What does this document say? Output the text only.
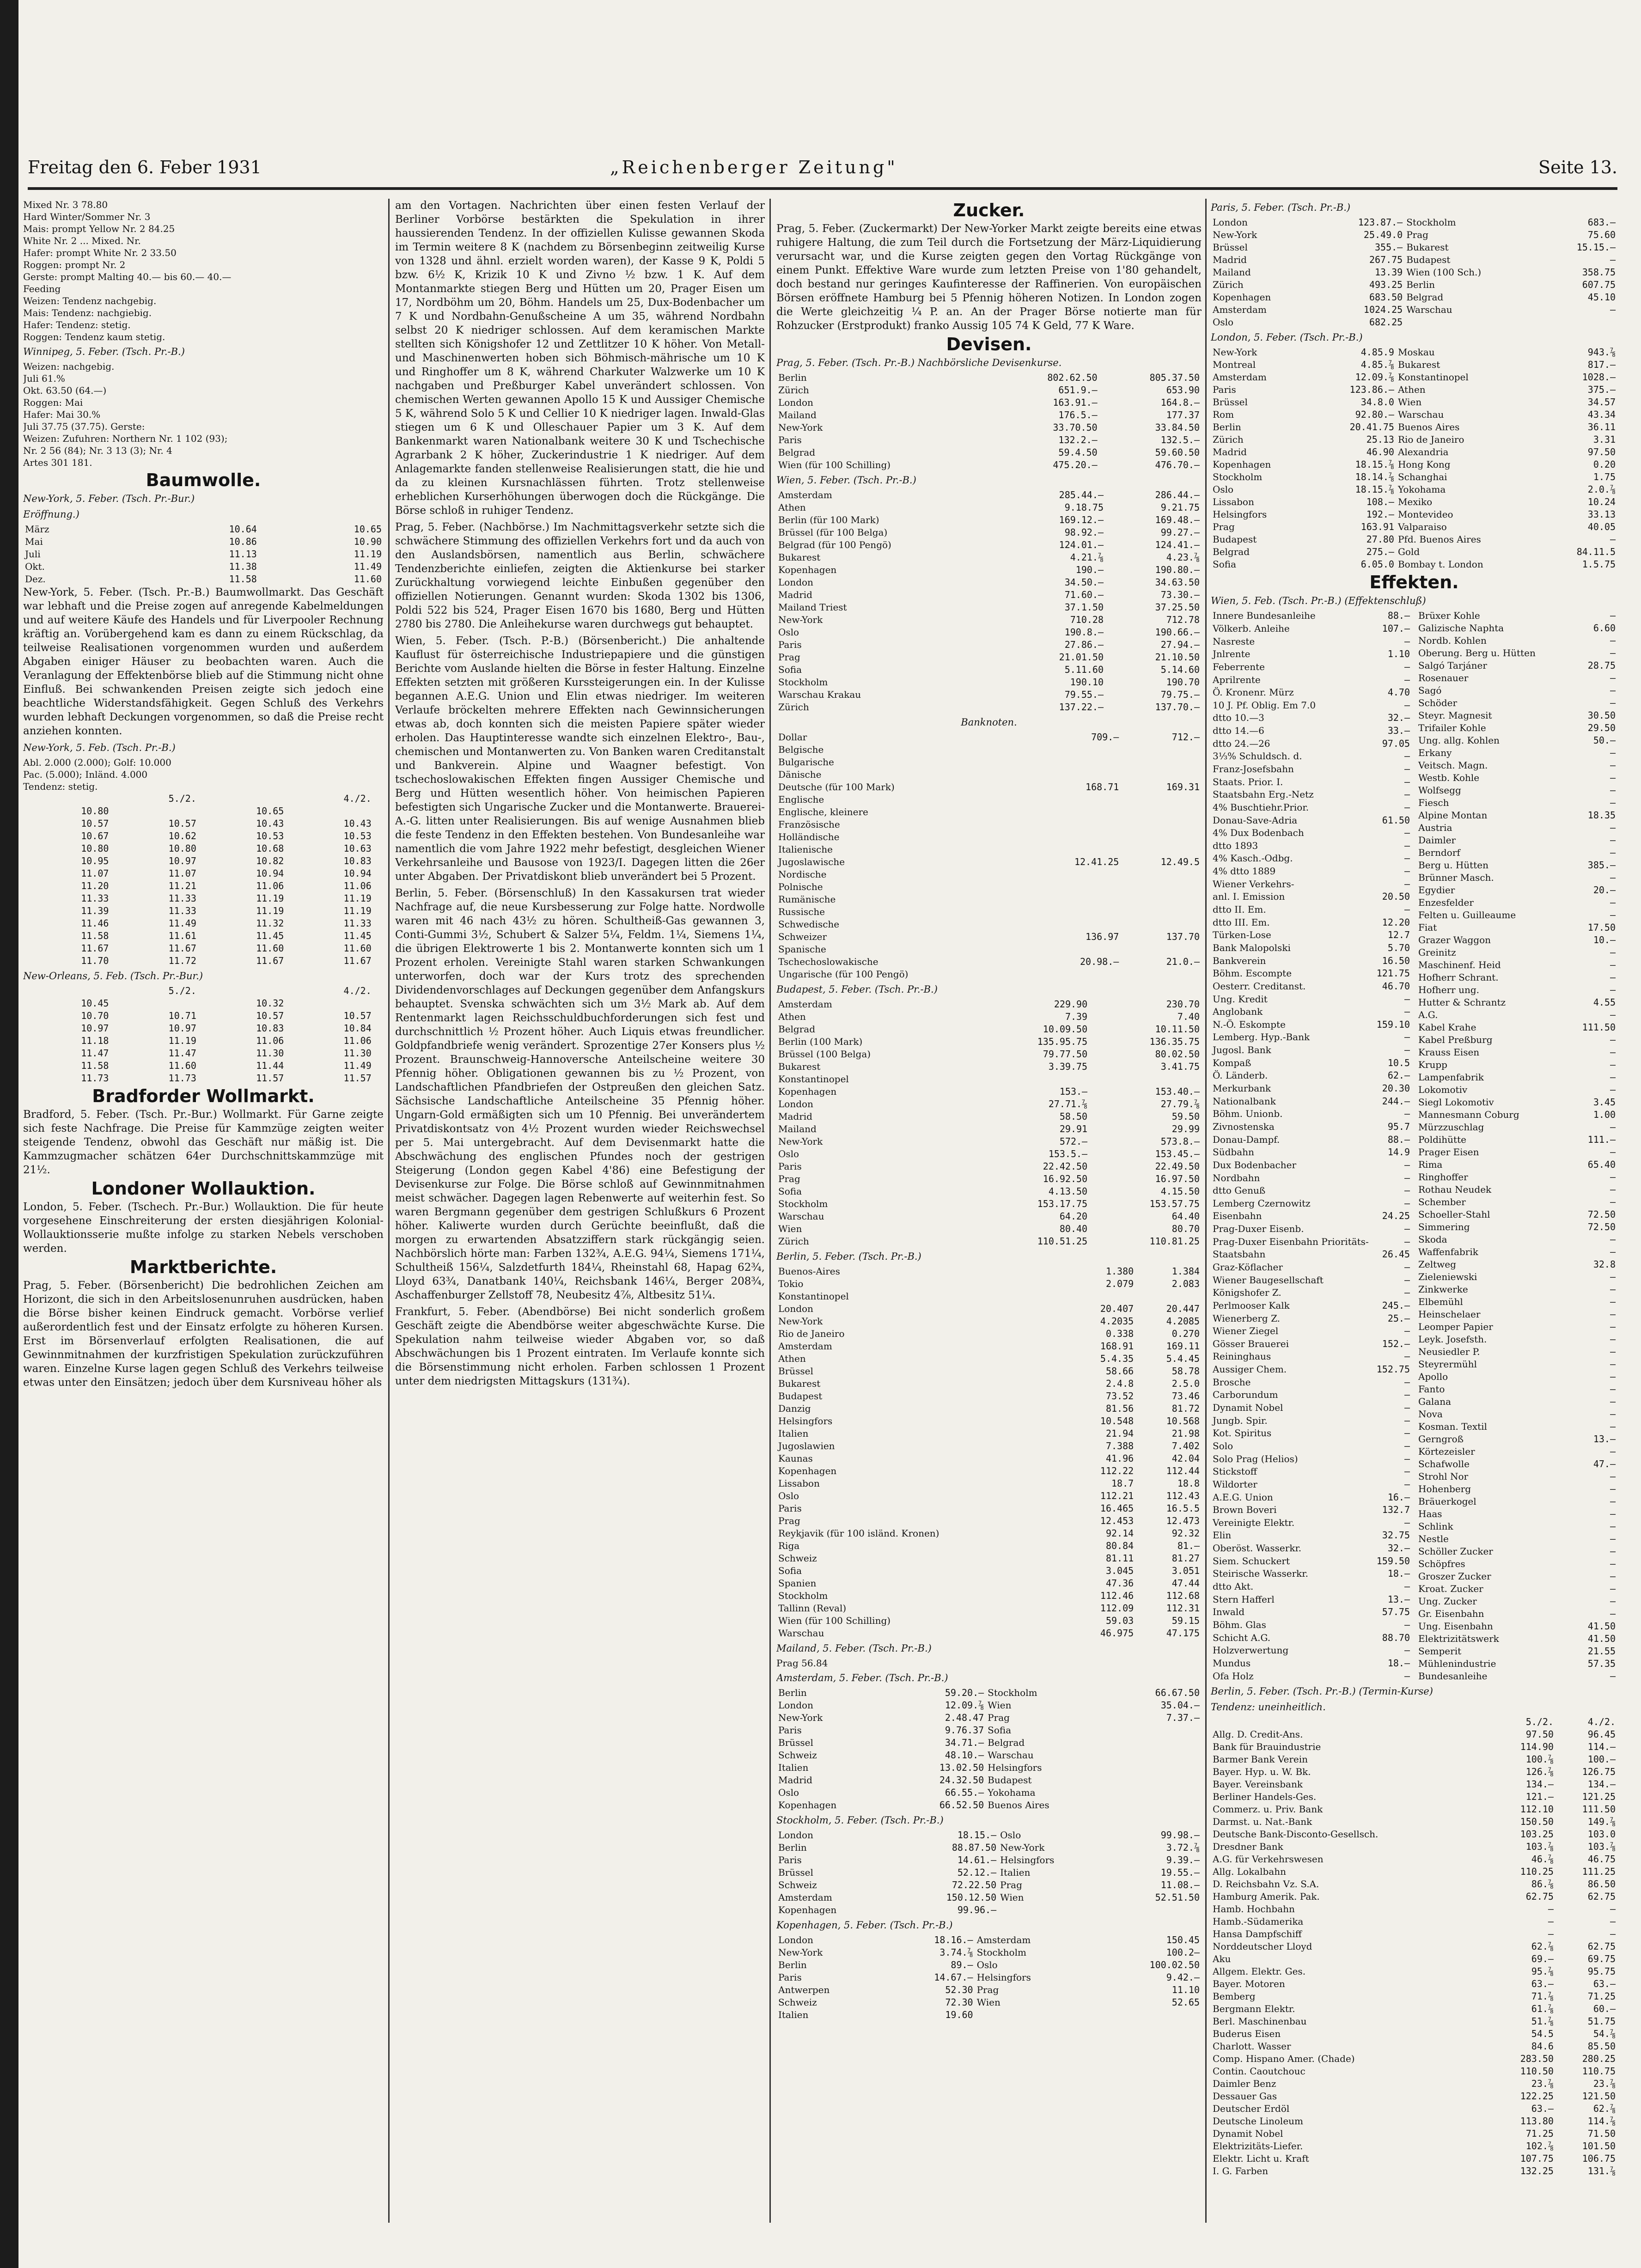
Freitag den 6. Feber 1931	„Reichenberger Zeitung"	Seite 13.
Mixed Nr. 3 78.80
Hard Winter/Sommer Nr. 3
Mais: prompt Yellow Nr. 2 84.25
White Nr. 2 ... Mixed. Nr.
Hafer: prompt White Nr. 2 33.50
Roggen: prompt Nr. 2
Gerste: prompt Malting 40.— bis 60.— 40.—
Feeding
Weizen: Tendenz nachgebig.
Mais: Tendenz: nachgiebig.
Hafer: Tendenz: stetig.
Roggen: Tendenz kaum stetig.
Winnipeg, 5. Feber. (Tsch. Pr.-B.)
Weizen: nachgebig.
Juli 61.%
Okt. 63.50 (64.—)
Roggen: Mai
Hafer: Mai 30.%
Juli 37.75 (37.75). Gerste:
Weizen: Zufuhren: Northern Nr. 1 102 (93);
Nr. 2 56 (84); Nr. 3 13 (3); Nr. 4
Artes 301 181.
Baumwolle.
New-York, 5. Feber. (Tsch. Pr.-Bur.)
Eröffnung.)
März	10.64	10.65
Mai	10.86	10.90
Juli	11.13	11.19
Okt.	11.38	11.49
Dez.	11.58	11.60

New-York, 5. Feber. (Tsch. Pr.-B.) Baumwollmarkt. Das Geschäft war lebhaft und die Preise zogen auf anregende Kabelmeldungen und auf weitere Käufe des Handels und für Liverpooler Rechnung kräftig an. Vorübergehend kam es dann zu einem Rückschlag, da teilweise Realisationen vorgenommen wurden und außerdem Abgaben einiger Häuser zu beobachten waren. Auch die Veranlagung der Effektenbörse blieb auf die Stimmung nicht ohne Einfluß. Bei schwankenden Preisen zeigte sich jedoch eine beachtliche Widerstandsfähigkeit. Gegen Schluß des Verkehrs wurden lebhaft Deckungen vorgenommen, so daß die Preise recht anziehen konnten.

New-York, 5. Feb. (Tsch. Pr.-B.)
Abl. 2.000 (2.000); Golf: 10.000
Pac. (5.000); Inländ. 4.000
Tendenz: stetig.
	5./2.		4./2.	
10.80		10.65		
10.57	10.57	10.43	10.43	
10.67	10.62	10.53	10.53	
10.80	10.80	10.68	10.63	
10.95	10.97	10.82	10.83	
11.07	11.07	10.94	10.94	
11.20	11.21	11.06	11.06	
11.33	11.33	11.19	11.19	
11.39	11.33	11.19	11.19	
11.46	11.49	11.32	11.33	
11.58	11.61	11.45	11.45	
11.67	11.67	11.60	11.60	
11.70	11.72	11.67	11.67	
New-Orleans, 5. Feb. (Tsch. Pr.-Bur.)
	5./2.		4./2.	
10.45		10.32		
10.70	10.71	10.57	10.57	
10.97	10.97	10.83	10.84	
11.18	11.19	11.06	11.06	
11.47	11.47	11.30	11.30	
11.58	11.60	11.44	11.49	
11.73	11.73	11.57	11.57	
Bradforder Wollmarkt.

Bradford, 5. Feber. (Tsch. Pr.-Bur.) Wollmarkt. Für Garne zeigte sich feste Nachfrage. Die Preise für Kammzüge zeigten weiter steigende Tendenz, obwohl das Geschäft nur mäßig ist. Die Kammzugmacher schätzen 64er Durchschnittskammzüge mit 21½.

Londoner Wollauktion.

London, 5. Feber. (Tschech. Pr.-Bur.) Wollauktion. Die für heute vorgesehene Einschreiterung der ersten diesjährigen Kolonial-Wollauktionsserie mußte infolge zu starken Nebels verschoben werden.

Marktberichte.

Prag, 5. Feber. (Börsenbericht) Die bedrohlichen Zeichen am Horizont, die sich in den Arbeitslosenunruhen ausdrücken, haben die Börse bisher keinen Eindruck gemacht. Vorbörse verlief außerordentlich fest und der Einsatz erfolgte zu höheren Kursen. Erst im Börsenverlauf erfolgten Realisationen, die auf Gewinnmitnahmen der kurzfristigen Spekulation zurückzuführen waren. Einzelne Kurse lagen gegen Schluß des Verkehrs teilweise etwas unter den Einsätzen; jedoch über dem Kursniveau höher als

am den Vortagen. Nachrichten über einen festen Verlauf der Berliner Vorbörse bestärkten die Spekulation in ihrer haussierenden Tendenz. In der offiziellen Kulisse gewannen Skoda im Termin weitere 8 K (nachdem zu Börsenbeginn zeitweilig Kurse von 1328 und ähnl. erzielt worden waren), der Kasse 9 K, Poldi 5 bzw. 6½ K, Krizik 10 K und Zivno ½ bzw. 1 K. Auf dem Montanmarkte stiegen Berg und Hütten um 20, Prager Eisen um 17, Nordböhm um 20, Böhm. Handels um 25, Dux-Bodenbacher um 7 K und Nordbahn-Genußscheine A um 35, während Nordbahn selbst 20 K niedriger schlossen. Auf dem keramischen Markte stellten sich Königshofer 12 und Zettlitzer 10 K höher. Von Metall- und Maschinenwerten hoben sich Böhmisch-mährische um 10 K und Ringhoffer um 8 K, während Charkuter Walzwerke um 10 K nachgaben und Preßburger Kabel unverändert schlossen. Von chemischen Werten gewannen Apollo 15 K und Aussiger Chemische 5 K, während Solo 5 K und Cellier 10 K niedriger lagen. Inwald-Glas stiegen um 6 K und Olleschauer Papier um 3 K. Auf dem Bankenmarkt waren Nationalbank weitere 30 K und Tschechische Agrarbank 2 K höher, Zuckerindustrie 1 K niedriger. Auf dem Anlagemarkte fanden stellenweise Realisierungen statt, die hie und da zu kleinen Kursnachlässen führten. Trotz stellenweise erheblichen Kurserhöhungen überwogen doch die Rückgänge. Die Börse schloß in ruhiger Tendenz.

Prag, 5. Feber. (Nachbörse.) Im Nachmittagsverkehr setzte sich die schwächere Stimmung des offiziellen Verkehrs fort und da auch von den Auslandsbörsen, namentlich aus Berlin, schwächere Tendenzberichte einliefen, zeigten die Aktienkurse bei starker Zurückhaltung vorwiegend leichte Einbußen gegenüber den offiziellen Notierungen. Genannt wurden: Skoda 1302 bis 1306, Poldi 522 bis 524, Prager Eisen 1670 bis 1680, Berg und Hütten 2780 bis 2780. Die Anleihekurse waren durchwegs gut behauptet.

Wien, 5. Feber. (Tsch. P.-B.) (Börsenbericht.) Die anhaltende Kauflust für österreichische Industriepapiere und die günstigen Berichte vom Auslande hielten die Börse in fester Haltung. Einzelne Effekten setzten mit größeren Kurssteigerungen ein. In der Kulisse begannen A.E.G. Union und Elin etwas niedriger. Im weiteren Verlaufe bröckelten mehrere Effekten nach Gewinnsicherungen etwas ab, doch konnten sich die meisten Papiere später wieder erholen. Das Hauptinteresse wandte sich einzelnen Elektro-, Bau-, chemischen und Montanwerten zu. Von Banken waren Creditanstalt und Bankverein. Alpine und Waagner befestigt. Von tschechoslowakischen Effekten fingen Aussiger Chemische und Berg und Hütten wesentlich höher. Von heimischen Papieren befestigten sich Ungarische Zucker und die Montanwerte. Brauerei-A.-G. litten unter Realisierungen. Bis auf wenige Ausnahmen blieb die feste Tendenz in den Effekten bestehen. Von Bundesanleihe war namentlich die vom Jahre 1922 mehr befestigt, desgleichen Wiener Verkehrsanleihe und Bausose von 1923/I. Dagegen litten die 26er unter Abgaben. Der Privatdiskont blieb unverändert bei 5 Prozent.

Berlin, 5. Feber. (Börsenschluß) In den Kassakursen trat wieder Nachfrage auf, die neue Kursbesserung zur Folge hatte. Nordwolle waren mit 46 nach 43½ zu hören. Schultheiß-Gas gewannen 3, Conti-Gummi 3½, Schubert & Salzer 5¼, Feldm. 1¼, Siemens 1¼, die übrigen Elektrowerte 1 bis 2. Montanwerte konnten sich um 1 Prozent erholen. Vereinigte Stahl waren starken Schwankungen unterworfen, doch war der Kurs trotz des sprechenden Dividendenvorschlages auf Deckungen gegenüber dem Anfangskurs behauptet. Svenska schwächten sich um 3½ Mark ab. Auf dem Rentenmarkt lagen Reichsschuldbuchforderungen sich fest und durchschnittlich ½ Prozent höher. Auch Liquis etwas freundlicher. Goldpfandbriefe wenig verändert. Sprozentige 27er Konsers plus ½ Prozent. Braunschweig-Hannoversche Anteilscheine weitere 30 Pfennig höher. Obligationen gewannen bis zu ½ Prozent, von Landschaftlichen Pfandbriefen der Ostpreußen den gleichen Satz. Sächsische Landschaftliche Anteilscheine 35 Pfennig höher. Ungarn-Gold ermäßigten sich um 10 Pfennig. Bei unverändertem Privatdiskontsatz von 4½ Prozent wurden wieder Reichswechsel per 5. Mai untergebracht. Auf dem Devisenmarkt hatte die Abschwächung des englischen Pfundes noch der gestrigen Steigerung (London gegen Kabel 4'86) eine Befestigung der Devisenkurse zur Folge. Die Börse schloß auf Gewinnmitnahmen meist schwächer. Dagegen lagen Rebenwerte auf weiterhin fest. So waren Bergmann gegenüber dem gestrigen Schlußkurs 6 Prozent höher. Kaliwerte wurden durch Gerüchte beeinflußt, daß die morgen zu erwartenden Absatzziffern stark rückgängig seien. Nachbörslich hörte man: Farben 132¾, A.E.G. 94¼, Siemens 171¼, Schultheiß 156¼, Salzdetfurth 184¼, Rheinstahl 68, Hapag 62¾, Lloyd 63¾, Danatbank 140¼, Reichsbank 146¼, Berger 208¾, Aschaffenburger Zellstoff 78, Neubesitz 4⅞, Altbesitz 51¼.

Frankfurt, 5. Feber. (Abendbörse) Bei nicht sonderlich großem Geschäft zeigte die Abendbörse weiter abgeschwächte Kurse. Die Spekulation nahm teilweise wieder Abgaben vor, so daß Abschwächungen bis 1 Prozent eintraten. Im Verlaufe konnte sich die Börsenstimmung nicht erholen. Farben schlossen 1 Prozent unter dem niedrigsten Mittagskurs (131¾).

Zucker.

Prag, 5. Feber. (Zuckermarkt) Der New-Yorker Markt zeigte bereits eine etwas ruhigere Haltung, die zum Teil durch die Fortsetzung der März-Liquidierung verursacht war, und die Kurse zeigten gegen den Vortag Rückgänge von einem Punkt. Effektive Ware wurde zum letzten Preise von 1'80 gehandelt, doch bestand nur geringes Kaufinteresse der Raffinerien. Von europäischen Börsen eröffnete Hamburg bei 5 Pfennig höheren Notizen. In London zogen die Werte gleichzeitig ¼ P. an. An der Prager Börse notierte man für Rohzucker (Erstprodukt) franko Aussig 105 74 K Geld, 77 K Ware.

Devisen.
Prag, 5. Feber. (Tsch. Pr.-B.) Nachbörsliche Devisenkurse.
Berlin	802.62.50	805.37.50
Zürich	651.9.—	653.90
London	163.91.—	164.8.—
Mailand	176.5.—	177.37
New-York	33.70.50	33.84.50
Paris	132.2.—	132.5.—
Belgrad	59.4.50	59.60.50
Wien (für 100 Schilling)	475.20.—	476.70.—
Wien, 5. Feber. (Tsch. Pr.-B.)
Amsterdam	285.44.—	286.44.—
Athen	9.18.75	9.21.75
Berlin (für 100 Mark)	169.12.—	169.48.—
Brüssel (für 100 Belga)	98.92.—	99.27.—
Belgrad (für 100 Pengö)	124.01.—	124.41.—
Bukarest	4.21.⅞	4.23.⅞
Kopenhagen	190.—	190.80.—
London	34.50.—	34.63.50
Madrid	71.60.—	73.30.—
Mailand Triest	37.1.50	37.25.50
New-York	710.28	712.78
Oslo	190.8.—	190.66.—
Paris	27.86.—	27.94.—
Prag	21.01.50	21.10.50
Sofia	5.11.60	5.14.60
Stockholm	190.10	190.70
Warschau Krakau	79.55.—	79.75.—
Zürich	137.22.—	137.70.—
Banknoten.
Dollar	709.—	712.—
Belgische		
Bulgarische		
Dänische		
Deutsche (für 100 Mark)	168.71	169.31
Englische		
Englische, kleinere		
Französische		
Holländische		
Italienische		
Jugoslawische	12.41.25	12.49.5
Nordische		
Polnische		
Rumänische		
Russische		
Schwedische		
Schweizer	136.97	137.70
Spanische		
Tschechoslowakische	20.98.—	21.0.—
Ungarische (für 100 Pengö)		
Budapest, 5. Feber. (Tsch. Pr.-B.)
Amsterdam	229.90	230.70
Athen	7.39	7.40
Belgrad	10.09.50	10.11.50
Berlin (100 Mark)	135.95.75	136.35.75
Brüssel (100 Belga)	79.77.50	80.02.50
Bukarest	3.39.75	3.41.75
Konstantinopel		
Kopenhagen	153.—	153.40.—
London	27.71.⅞	27.79.⅞
Madrid	58.50	59.50
Mailand	29.91	29.99
New-York	572.—	573.8.—
Oslo	153.5.—	153.45.—
Paris	22.42.50	22.49.50
Prag	16.92.50	16.97.50
Sofia	4.13.50	4.15.50
Stockholm	153.17.75	153.57.75
Warschau	64.20	64.40
Wien	80.40	80.70
Zürich	110.51.25	110.81.25
Berlin, 5. Feber. (Tsch. Pr.-B.)
Buenos-Aires	1.380	1.384
Tokio	2.079	2.083
Konstantinopel		
London	20.407	20.447
New-York	4.2035	4.2085
Rio de Janeiro	0.338	0.270
Amsterdam	168.91	169.11
Athen	5.4.35	5.4.45
Brüssel	58.66	58.78
Bukarest	2.4.8	2.5.0
Budapest	73.52	73.46
Danzig	81.56	81.72
Helsingfors	10.548	10.568
Italien	21.94	21.98
Jugoslawien	7.388	7.402
Kaunas	41.96	42.04
Kopenhagen	112.22	112.44
Lissabon	18.7	18.8
Oslo	112.21	112.43
Paris	16.465	16.5.5
Prag	12.453	12.473
Reykjavik (für 100 isländ. Kronen)	92.14	92.32
Riga	80.84	81.—
Schweiz	81.11	81.27
Sofia	3.045	3.051
Spanien	47.36	47.44
Stockholm	112.46	112.68
Tallinn (Reval)	112.09	112.31
Wien (für 100 Schilling)	59.03	59.15
Warschau	46.975	47.175
Mailand, 5. Feber. (Tsch. Pr.-B.)
Prag 56.84
Amsterdam, 5. Feber. (Tsch. Pr.-B.)
Berlin	59.20.—	Stockholm	66.67.50
London	12.09.⅞	Wien	35.04.—
New-York	2.48.47	Prag	7.37.—
Paris	9.76.37	Sofia	
Brüssel	34.71.—	Belgrad	
Schweiz	48.10.—	Warschau	
Italien	13.02.50	Helsingfors	
Madrid	24.32.50	Budapest	
Oslo	66.55.—	Yokohama	
Kopenhagen	66.52.50	Buenos Aires	
Stockholm, 5. Feber. (Tsch. Pr.-B.)
London	18.15.—	Oslo	99.98.—
Berlin	88.87.50	New-York	3.72.⅞
Paris	14.61.—	Helsingfors	9.39.—
Brüssel	52.12.—	Italien	19.55.—
Schweiz	72.22.50	Prag	11.08.—
Amsterdam	150.12.50	Wien	52.51.50
Kopenhagen	99.96.—		
Kopenhagen, 5. Feber. (Tsch. Pr.-B.)
London	18.16.—	Amsterdam	150.45
New-York	3.74.⅞	Stockholm	100.2—
Berlin	89.—	Oslo	100.02.50
Paris	14.67.—	Helsingfors	9.42.—
Antwerpen	52.30	Prag	11.10
Schweiz	72.30	Wien	52.65
Italien	19.60		
Paris, 5. Feber. (Tsch. Pr.-B.)
London	123.87.—	Stockholm	683.—
New-York	25.49.0	Prag	75.60
Brüssel	355.—	Bukarest	15.15.—
Madrid	267.75	Budapest	—
Mailand	13.39	Wien (100 Sch.)	358.75
Zürich	493.25	Berlin	607.75
Kopenhagen	683.50	Belgrad	45.10
Amsterdam	1024.25	Warschau	—
Oslo	682.25		
London, 5. Feber. (Tsch. Pr.-B.)
New-York	4.85.9	Moskau	943.⅞
Montreal	4.85.⅞	Bukarest	817.—
Amsterdam	12.09.⅞	Konstantinopel	1028.—
Paris	123.86.—	Athen	375.—
Brüssel	34.8.0	Wien	34.57
Rom	92.80.—	Warschau	43.34
Berlin	20.41.75	Buenos Aires	36.11
Zürich	25.13	Rio de Janeiro	3.31
Madrid	46.90	Alexandria	97.50
Kopenhagen	18.15.⅞	Hong Kong	0.20
Stockholm	18.14.⅞	Schanghai	1.75
Oslo	18.15.⅞	Yokohama	2.0.⅞
Lissabon	108.—	Mexiko	10.24
Helsingfors	192.—	Montevideo	33.13
Prag	163.91	Valparaiso	40.05
Budapest	27.80	Pfd. Buenos Aires	—
Belgrad	275.—	Gold	84.11.5
Sofia	6.05.0	Bombay t. London	1.5.75
Effekten.
Wien, 5. Feb. (Tsch. Pr.-B.) (Effektenschluß)
Innere Bundesanleihe	88.—
Völkerb. Anleihe	107.—
Nasreste	—
Jnlrente	1.10
Feberrente	—
Aprilrente	—
Ö. Kronenr. Mürz	4.70
10 J. Pf. Oblig. Em 7.0	—
dtto 10.—3	32.—
dtto 14.—6	33.—
dtto 24.—26	97.05
3⅓% Schuldsch. d.	—
Franz-Josefsbahn	—
Staats. Prior. I.	—
Staatsbahn Erg.-Netz	—
4% Buschtiehr.Prior.	—
Donau-Save-Adria	61.50
4% Dux Bodenbach	—
dtto 1893	—
4% Kasch.-Odbg.	—
4% dtto 1889	—
Wiener Verkehrs-	—
anl. I. Emission	20.50
dtto II. Em.	—
dtto III. Em.	12.20
Türken-Lose	12.7
Bank Malopolski	5.70
Bankverein	16.50
Böhm. Escompte	121.75
Oesterr. Creditanst.	46.70
Ung. Kredit	—
Anglobank	—
N.-Ö. Eskompte	159.10
Lemberg. Hyp.-Bank	—
Jugosl. Bank	—
Kompaß	10.5
Ö. Länderb.	62.—
Merkurbank	20.30
Nationalbank	244.—
Böhm. Unionb.	—
Zivnostenska	95.7
Donau-Dampf.	88.—
Südbahn	14.9
Dux Bodenbacher	—
Nordbahn	—
dtto Genuß	—
Lemberg Czernowitz	—
Eisenbahn	24.25
Prag-Duxer Eisenb.	—
Prag-Duxer Eisenbahn Prioritäts-	—
Staatsbahn	26.45
Graz-Köflacher	—
Wiener Baugesellschaft	—
Königshofer Z.	—
Perlmooser Kalk	245.—
Wienerberg Z.	25.—
Wiener Ziegel	—
Gösser Brauerei	152.—
Reininghaus	—
Aussiger Chem.	152.75
Brosche	—
Carborundum	—
Dynamit Nobel	—
Jungb. Spir.	—
Kot. Spiritus	—
Solo	—
Solo Prag (Helios)	—
Stickstoff	—
Wildorter	—
A.E.G. Union	16.—
Brown Boveri	132.7
Vereinigte Elektr.	—
Elin	32.75
Oberöst. Wasserkr.	32.—
Siem. Schuckert	159.50
Steirische Wasserkr.	18.—
dtto Akt.	—
Stern Hafferl	13.—
Inwald	57.75
Böhm. Glas	—
Schicht A.G.	88.70
Holzverwertung	—
Mundus	18.—
Ofa Holz	—
Brüxer Kohle	—
Galizische Naphta	6.60
Nordb. Kohlen	—
Oberung. Berg u. Hütten	—
Salgó Tarjáner	28.75
Rosenauer	—
Sagó	—
Schöder	—
Steyr. Magnesit	30.50
Trifailer Kohle	29.50
Ung. allg. Kohlen	50.—
Erkany	—
Veitsch. Magn.	—
Westb. Kohle	—
Wolfsegg	—
Fiesch	—
Alpine Montan	18.35
Austria	—
Daimler	—
Berndorf	—
Berg u. Hütten	385.—
Brünner Masch.	—
Egydier	20.—
Enzesfelder	—
Felten u. Guilleaume	—
Fiat	17.50
Grazer Waggon	10.—
Greinitz	—
Maschinenf. Heid	—
Hofherr Schrant.	—
Hofherr ung.	—
Hutter & Schrantz	4.55
A.G.	—
Kabel Krahe	111.50
Kabel Preßburg	—
Krauss Eisen	—
Krupp	—
Lampenfabrik	—
Lokomotiv	—
Siegl Lokomotiv	3.45
Mannesmann Coburg	1.00
Mürzzuschlag	—
Poldihütte	111.—
Prager Eisen	—
Rima	65.40
Ringhoffer	—
Rothau Neudek	—
Schember	—
Schoeller-Stahl	72.50
Simmering	72.50
Skoda	—
Waffenfabrik	—
Zeltweg	32.8
Zieleniewski	—
Zinkwerke	—
Elbemühl	—
Heinschelaer	—
Leomper Papier	—
Leyk. Josefsth.	—
Neusiedler P.	—
Steyrermühl	—
Apollo	—
Fanto	—
Galana	—
Nova	—
Kosman. Textil	—
Gerngroß	13.—
Körtezeisler	—
Schafwolle	47.—
Strohl Nor	—
Hohenberg	—
Bräuerkogel	—
Haas	—
Schlink	—
Nestle	—
Schöller Zucker	—
Schöpfres	—
Groszer Zucker	—
Kroat. Zucker	—
Ung. Zucker	—
Gr. Eisenbahn	—
Ung. Eisenbahn	41.50
Elektrizitätswerk	41.50
Semperit	21.55
Mühlenindustrie	57.35
Bundesanleihe	—
Berlin, 5. Feber. (Tsch. Pr.-B.) (Termin-Kurse)
Tendenz: uneinheitlich.
	5./2.	4./2.
Allg. D. Credit-Ans.	97.50	96.45
Bank für Brauindustrie	114.90	114.—
Barmer Bank Verein	100.⅞	100.—
Bayer. Hyp. u. W. Bk.	126.⅞	126.75
Bayer. Vereinsbank	134.—	134.—
Berliner Handels-Ges.	121.—	121.25
Commerz. u. Priv. Bank	112.10	111.50
Darmst. u. Nat.-Bank	150.50	149.⅞
Deutsche Bank-Disconto-Gesellsch.	103.25	103.0
Dresdner Bank	103.⅞	103.⅞
A.G. für Verkehrswesen	46.⅞	46.75
Allg. Lokalbahn	110.25	111.25
D. Reichsbahn Vz. S.A.	86.⅞	86.50
Hamburg Amerik. Pak.	62.75	62.75
Hamb. Hochbahn	—	—
Hamb.-Südamerika	—	—
Hansa Dampfschiff	—	—
Norddeutscher Lloyd	62.⅞	62.75
Aku	69.—	69.75
Allgem. Elektr. Ges.	95.⅞	95.75
Bayer. Motoren	63.—	63.—
Bemberg	71.⅞	71.25
Bergmann Elektr.	61.⅞	60.—
Berl. Maschinenbau	51.⅞	51.75
Buderus Eisen	54.5	54.⅞
Charlott. Wasser	84.6	85.50
Comp. Hispano Amer. (Chade)	283.50	280.25
Contin. Caoutchouc	110.50	110.75
Daimler Benz	23.⅞	23.⅞
Dessauer Gas	122.25	121.50
Deutscher Erdöl	63.—	62.⅞
Deutsche Linoleum	113.80	114.⅞
Dynamit Nobel	71.25	71.50
Elektrizitäts-Liefer.	102.⅞	101.50
Elektr. Licht u. Kraft	107.75	106.75
I. G. Farben	132.25	131.⅞
